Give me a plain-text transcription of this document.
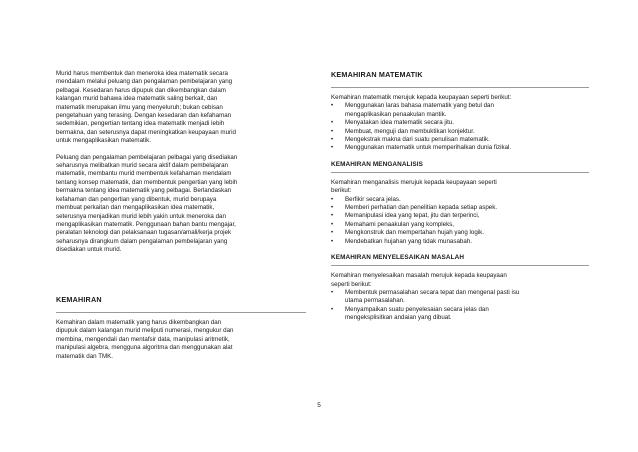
Murid harus membentuk dan meneroka idea matematik secara
mendalam melalui peluang dan pengalaman pembelajaran yang
pelbagai. Kesedaran harus dipupuk dan dikembangkan dalam
kalangan murid bahawa idea matematik saling berkait, dan
matematik merupakan ilmu yang menyeluruh; bukan cebisan
pengetahuan yang terasing. Dengan kesedaran dan kefahaman
sedemikian, pengertian tentang idea matematik menjadi lebih
bermakna, dan seterusnya dapat meningkatkan keupayaan murid
untuk mengaplikasikan matematik.

Peluang dan pengalaman pembelajaran pelbagai yang disediakan
seharusnya melibatkan murid secara aktif dalam pembelajaran
matematik, membantu murid membentuk kefahaman mendalam
tentang konsep matematik, dan membentuk pengertian yang lebih
bermakna tentang idea matematik yang pelbagai. Berlandaskan
kefahaman dan pengertian yang dibentuk, murid berupaya
membuat perkaitan dan mengaplikasikan idea matematik,
seterusnya menjadikan murid lebih yakin untuk meneroka dan
mengaplikasikan matematik. Penggunaan bahan bantu mengajar,
peralatan teknologi dan pelaksanaan tugasan/amali/kerja projek
seharusnya dirangkum dalam pengalaman pembelajaran yang
disediakan untuk murid.

KEMAHIRAN

Kemahiran dalam matematik yang harus dikembangkan dan
dipupuk dalam kalangan murid meliputi numerasi, mengukur dan
membina, mengendali dan mentafsir data, manipulasi aritmetik,
manipulasi algebra, mengguna algoritma dan menggunakan alat
matematik dan TMK.

KEMAHIRAN MATEMATIK

Kemahiran matematik merujuk kepada keupayaan seperti berikut:

• Menggunakan laras bahasa matematik yang betul dan
mengaplikasikan penaakulan mantik.
• Menyatakan idea matematik secara jitu.
• Membuat, menguji dan membuktikan konjektur.
• Mengekstrak makna dari suatu penulisan matematik.
• Menggunakan matematik untuk memperihalkan dunia fizikal.
KEMAHIRAN MENGANALISIS

Kemahiran menganalisis merujuk kepada keupayaan seperti
berikut:

• Berfikir secara jelas.
• Memberi perhatian dan penelitian kepada setiap aspek.
• Memanipulasi idea yang tepat, jitu dan terperinci,
• Memahami penaakulan yang kompleks,
• Mengkonstruk dan mempertahan hujah yang logik.
• Mendebatkan hujahan yang tidak munasabah.
KEMAHIRAN MENYELESAIKAN MASALAH

Kemahiran menyelesaikan masalah merujuk kepada keupayaan
seperti berikut:

• Membentuk permasalahan secara tepat dan mengenal pasti isu
utama permasalahan.
• Menyampaikan suatu penyelesaian secara jelas dan
mengeksplisitkan andaian yang dibuat.
5
